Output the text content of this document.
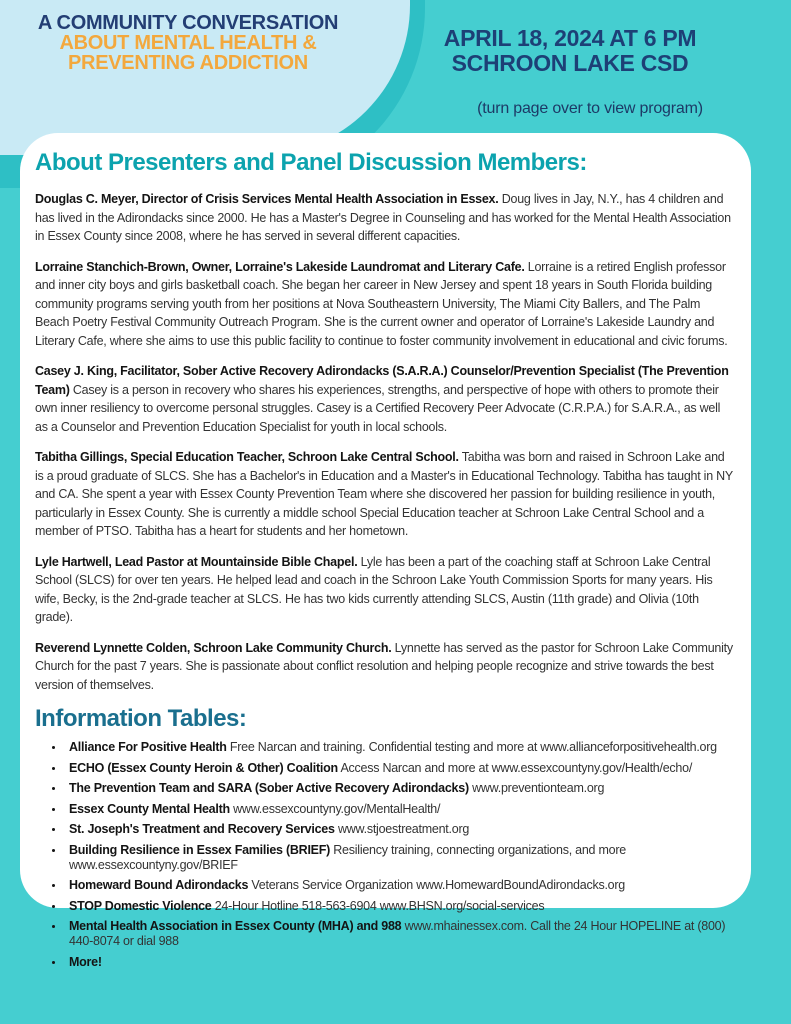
A COMMUNITY CONVERSATION
ABOUT MENTAL HEALTH &
PREVENTING ADDICTION
APRIL 18, 2024 AT 6 PM
SCHROON LAKE CSD
(turn page over to view program)
About Presenters and Panel Discussion Members:

Douglas C. Meyer, Director of Crisis Services Mental Health Association in Essex. Doug lives in Jay, N.Y., has 4 children and has lived in the Adirondacks since 2000. He has a Master's Degree in Counseling and has worked for the Mental Health Association in Essex County since 2008, where he has served in several different capacities.

Lorraine Stanchich-Brown, Owner, Lorraine's Lakeside Laundromat and Literary Cafe. Lorraine is a retired English professor and inner city boys and girls basketball coach. She began her career in New Jersey and spent 18 years in South Florida building community programs serving youth from her positions at Nova Southeastern University, The Miami City Ballers, and The Palm Beach Poetry Festival Community Outreach Program. She is the current owner and operator of Lorraine's Lakeside Laundry and Literary Cafe, where she aims to use this public facility to continue to foster community involvement in educational and civic forums.

Casey J. King, Facilitator, Sober Active Recovery Adirondacks (S.A.R.A.) Counselor/Prevention Specialist (The Prevention Team) Casey is a person in recovery who shares his experiences, strengths, and perspective of hope with others to promote their own inner resiliency to overcome personal struggles. Casey is a Certified Recovery Peer Advocate (C.R.P.A.) for S.A.R.A., as well as a Counselor and Prevention Education Specialist for youth in local schools.

Tabitha Gillings, Special Education Teacher, Schroon Lake Central School. Tabitha was born and raised in Schroon Lake and is a proud graduate of SLCS. She has a Bachelor's in Education and a Master's in Educational Technology. Tabitha has taught in NY and CA. She spent a year with Essex County Prevention Team where she discovered her passion for building resilience in youth, particularly in Essex County. She is currently a middle school Special Education teacher at Schroon Lake Central School and a member of PTSO. Tabitha has a heart for students and her hometown.

Lyle Hartwell, Lead Pastor at Mountainside Bible Chapel. Lyle has been a part of the coaching staff at Schroon Lake Central School (SLCS) for over ten years. He helped lead and coach in the Schroon Lake Youth Commission Sports for many years. His wife, Becky, is the 2nd-grade teacher at SLCS. He has two kids currently attending SLCS, Austin (11th grade) and Olivia (10th grade).

Reverend Lynnette Colden, Schroon Lake Community Church. Lynnette has served as the pastor for Schroon Lake Community Church for the past 7 years. She is passionate about conflict resolution and helping people recognize and strive towards the best version of themselves.

Information Tables:
• Alliance For Positive Health Free Narcan and training. Confidential testing and more at www.allianceforpositivehealth.org
• ECHO (Essex County Heroin & Other) Coalition Access Narcan and more at www.essexcountyny.gov/Health/echo/
• The Prevention Team and SARA (Sober Active Recovery Adirondacks) www.preventionteam.org
• Essex County Mental Health www.essexcountyny.gov/MentalHealth/
• St. Joseph's Treatment and Recovery Services www.stjoestreatment.org
• Building Resilience in Essex Families (BRIEF) Resiliency training, connecting organizations, and more www.essexcountyny.gov/BRIEF
• Homeward Bound Adirondacks Veterans Service Organization www.HomewardBoundAdirondacks.org
• STOP Domestic Violence 24-Hour Hotline 518-563-6904 www.BHSN.org/social-services
• Mental Health Association in Essex County (MHA) and 988 www.mhainessex.com. Call the 24 Hour HOPELINE at (800) 440-8074 or dial 988
• More!
